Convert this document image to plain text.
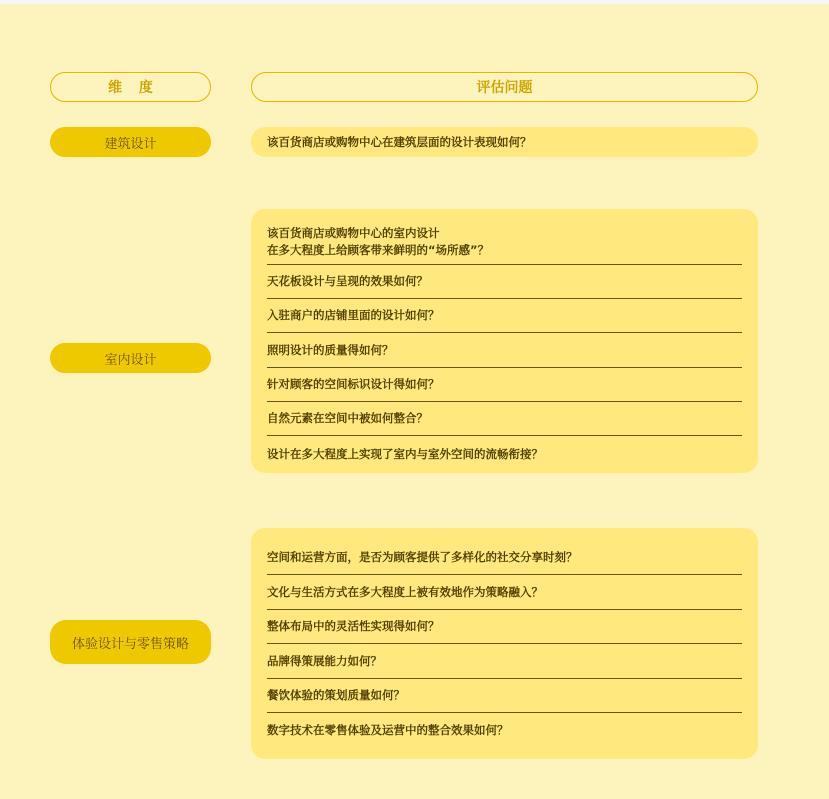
维 度	评估问题
建筑设计	该百货商店或购物中心在建筑层面的设计表现如何？
室内设计
该百货商店或购物中心的室内设计
在多大程度上给顾客带来鲜明的“场所感”？
天花板设计与呈现的效果如何？
入驻商户的店铺里面的设计如何？
照明设计的质量得如何？
针对顾客的空间标识设计得如何？
自然元素在空间中被如何整合？
设计在多大程度上实现了室内与室外空间的流畅衔接？
体验设计与零售策略
空间和运营方面，是否为顾客提供了多样化的社交分享时刻？
文化与生活方式在多大程度上被有效地作为策略融入？
整体布局中的灵活性实现得如何？
品牌得策展能力如何？
餐饮体验的策划质量如何？
数字技术在零售体验及运营中的整合效果如何？
